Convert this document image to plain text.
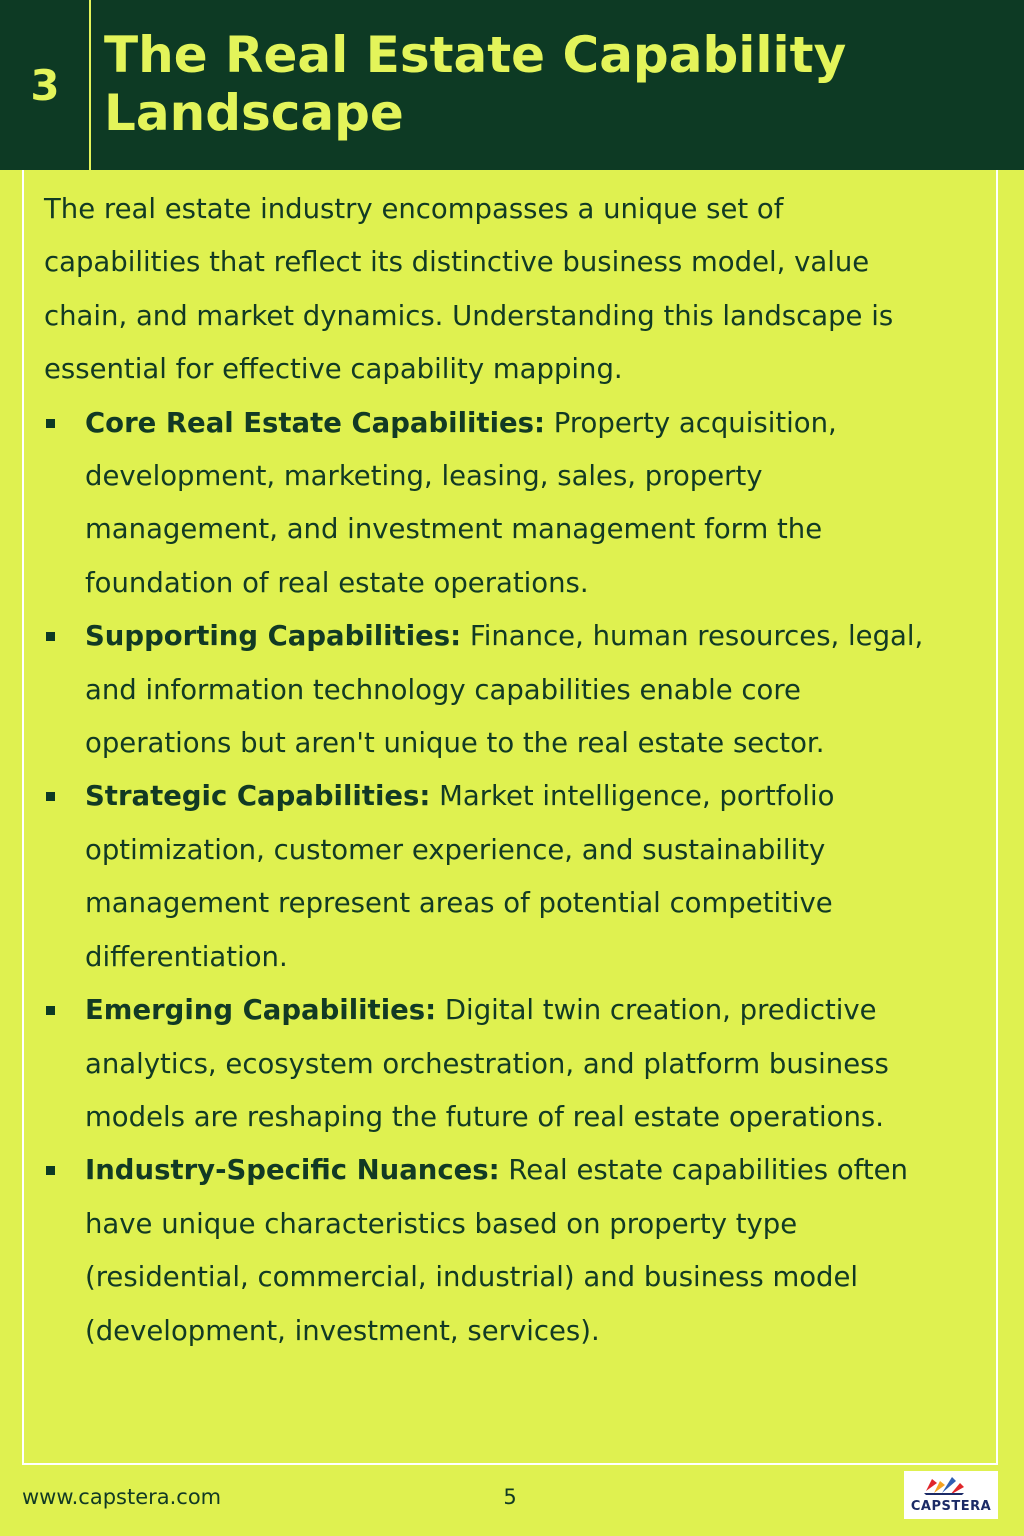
3
The Real Estate Capability Landscape

The real estate industry encompasses a unique set of capabilities that reflect its distinctive business model, value chain, and market dynamics. Understanding this landscape is essential for effective capability mapping.

Core Real Estate Capabilities: Property acquisition, development, marketing, leasing, sales, property management, and investment management form the foundation of real estate operations.
Supporting Capabilities: Finance, human resources, legal, and information technology capabilities enable core operations but aren't unique to the real estate sector.
Strategic Capabilities: Market intelligence, portfolio optimization, customer experience, and sustainability management represent areas of potential competitive differentiation.
Emerging Capabilities: Digital twin creation, predictive analytics, ecosystem orchestration, and platform business models are reshaping the future of real estate operations.
Industry-Specific Nuances: Real estate capabilities often have unique characteristics based on property type (residential, commercial, industrial) and business model (development, investment, services).
www.capstera.com	5	CAPSTERA
